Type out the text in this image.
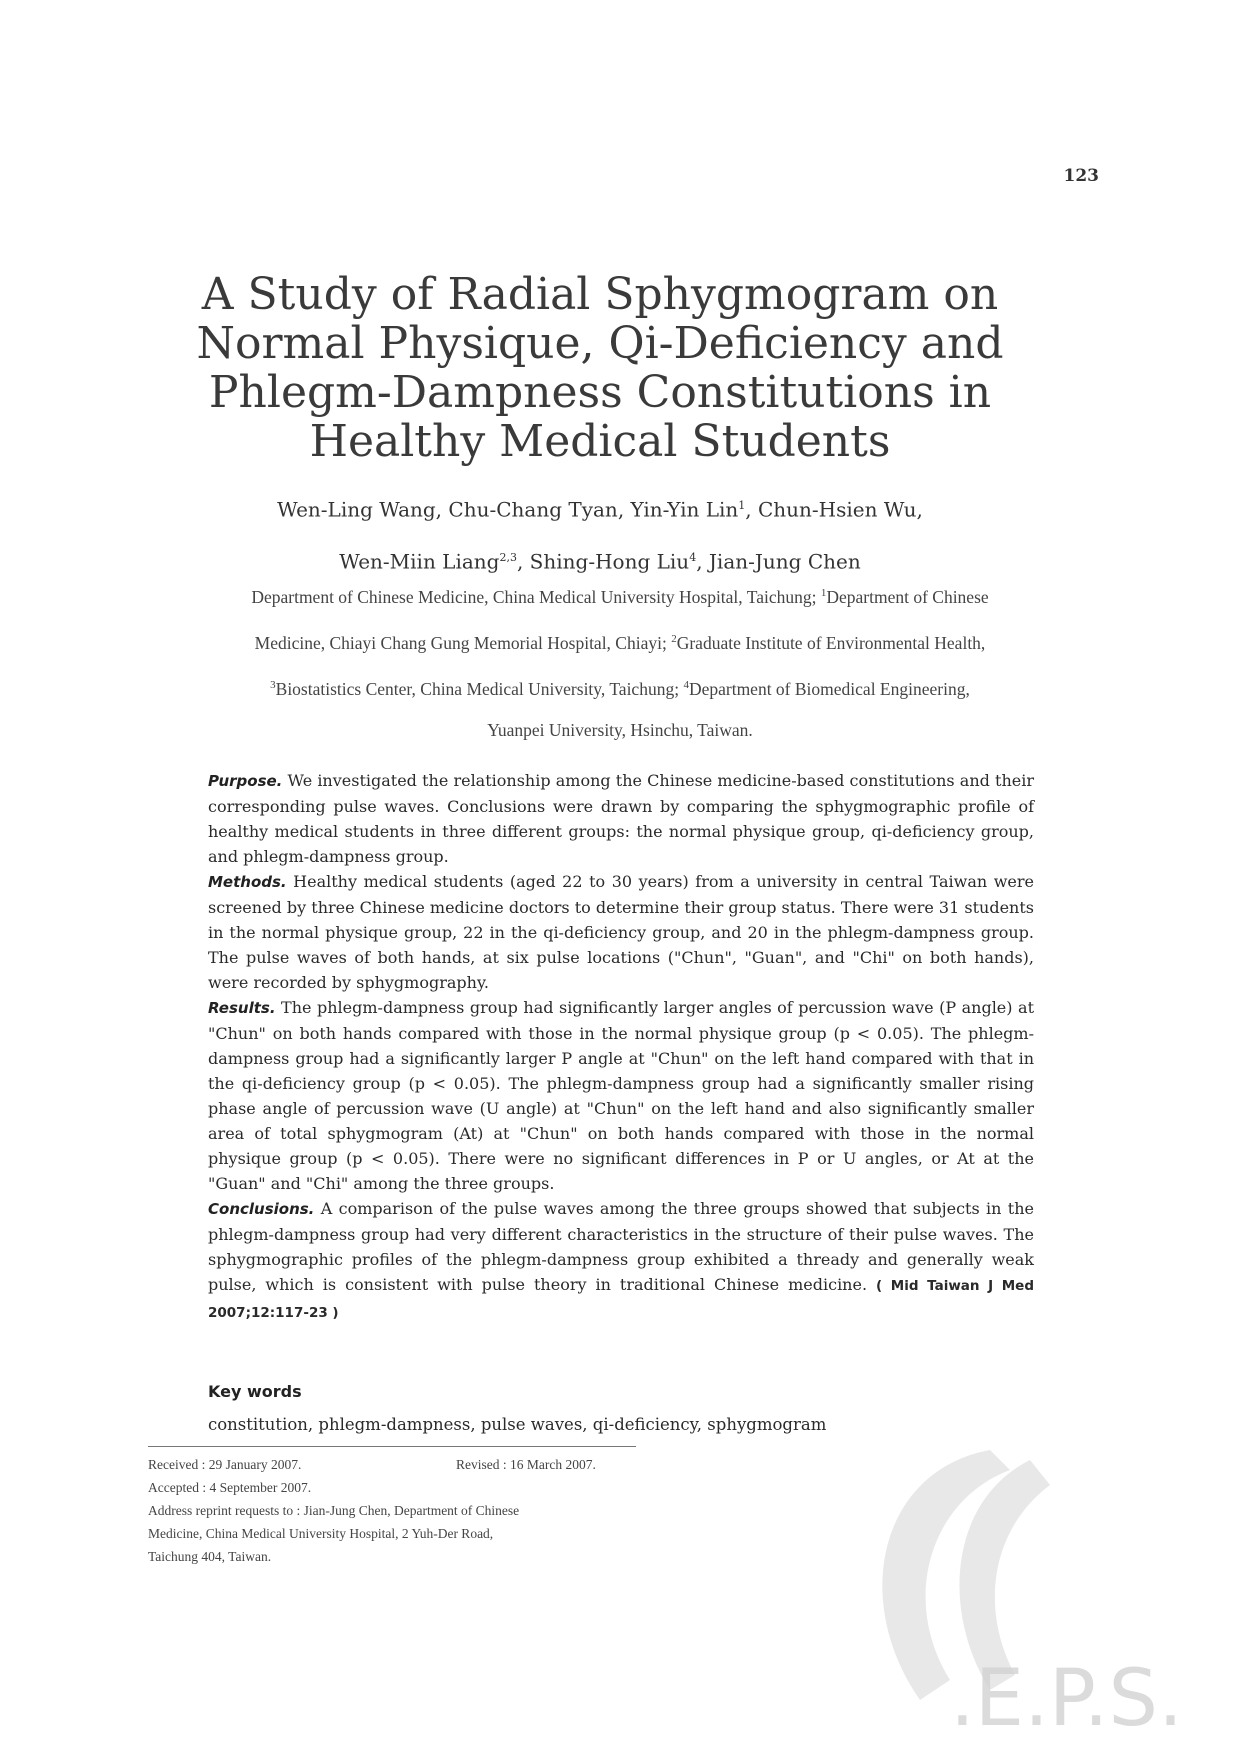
123
A Study of Radial Sphygmogram on
Normal Physique, Qi-Deficiency and
Phlegm-Dampness Constitutions in
Healthy Medical Students
Wen-Ling Wang, Chu-Chang Tyan, Yin-Yin Lin$^1$, Chun-Hsien Wu,
Wen-Miin Liang$^{2,3}$, Shing-Hong Liu$^4$, Jian-Jung Chen
Department of Chinese Medicine, China Medical University Hospital, Taichung; $^1$Department of Chinese
Medicine, Chiayi Chang Gung Memorial Hospital, Chiayi; $^2$Graduate Institute of Environmental Health,
$^3$Biostatistics Center, China Medical University, Taichung; $^4$Department of Biomedical Engineering,
Yuanpei University, Hsinchu, Taiwan.

Purpose. We investigated the relationship among the Chinese medicine-based constitutions and their corresponding pulse waves. Conclusions were drawn by comparing the sphygmographic profile of healthy medical students in three different groups: the normal physique group, qi-deficiency group, and phlegm-dampness group.

Methods. Healthy medical students (aged 22 to 30 years) from a university in central Taiwan were screened by three Chinese medicine doctors to determine their group status. There were 31 students in the normal physique group, 22 in the qi-deficiency group, and 20 in the phlegm-dampness group. The pulse waves of both hands, at six pulse locations ("Chun", "Guan", and "Chi" on both hands), were recorded by sphygmography.

Results. The phlegm-dampness group had significantly larger angles of percussion wave (P angle) at "Chun" on both hands compared with those in the normal physique group (p < 0.05). The phlegm-dampness group had a significantly larger P angle at "Chun" on the left hand compared with that in the qi-deficiency group (p < 0.05). The phlegm-dampness group had a significantly smaller rising phase angle of percussion wave (U angle) at "Chun" on the left hand and also significantly smaller area of total sphygmogram (At) at "Chun" on both hands compared with those in the normal physique group (p < 0.05). There were no significant differences in P or U angles, or At at the "Guan" and "Chi" among the three groups.

Conclusions. A comparison of the pulse waves among the three groups showed that subjects in the phlegm-dampness group had very different characteristics in the structure of their pulse waves. The sphygmographic profiles of the phlegm-dampness group exhibited a thready and generally weak pulse, which is consistent with pulse theory in traditional Chinese medicine. ( Mid Taiwan J Med 2007;12:117-23 )

Key words
constitution, phlegm-dampness, pulse waves, qi-deficiency, sphygmogram
Received : 29 January 2007.	Revised : 16 March 2007.
Accepted : 4 September 2007.
Address reprint requests to : Jian-Jung Chen, Department of Chinese
Medicine, China Medical University Hospital, 2 Yuh-Der Road,
Taichung 404, Taiwan.
.E.P.S.
